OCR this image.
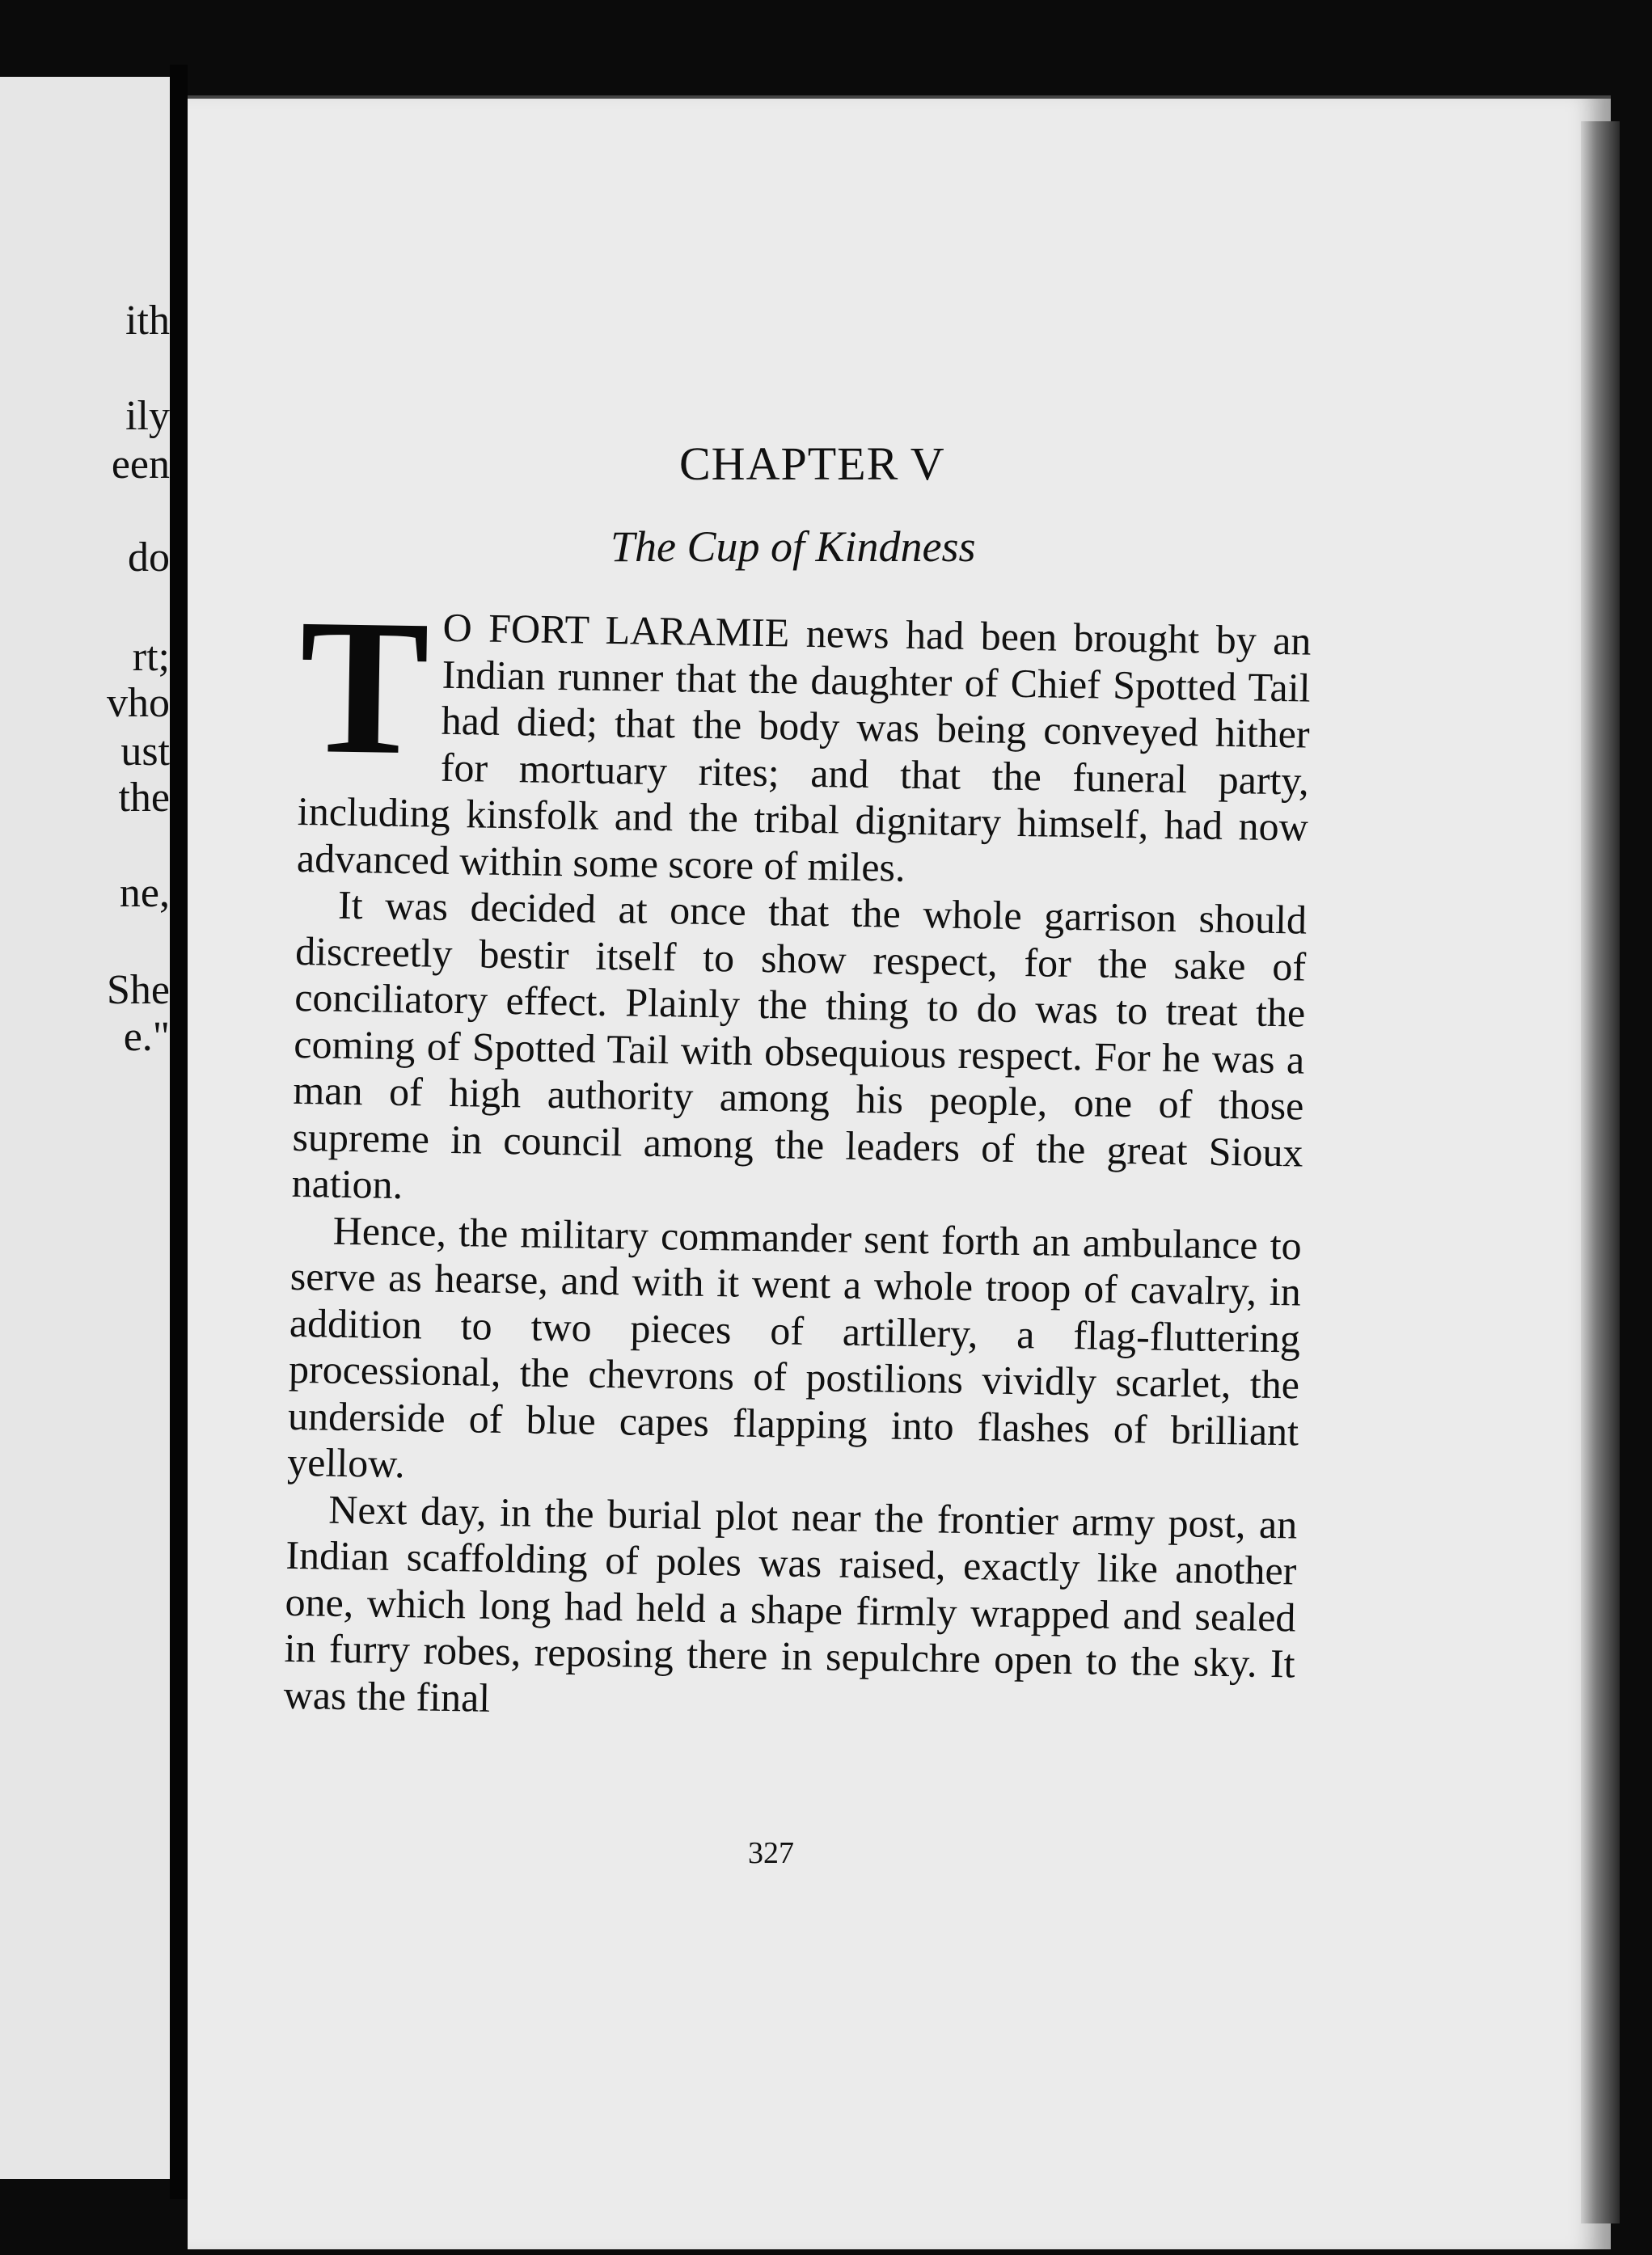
ith
ily
een
do
rt;
vho
ust
the
ne,
She
e."
CHAPTER V
The Cup of Kindness

T O FORT LARAMIE news had been brought by an Indian runner that the daughter of Chief Spotted Tail had died; that the body was being conveyed hither for mortuary rites; and that the funeral party, including kinsfolk and the tribal dignitary himself, had now advanced within some score of miles.

It was decided at once that the whole garrison should discreetly bestir itself to show respect, for the sake of conciliatory effect. Plainly the thing to do was to treat the coming of Spotted Tail with obsequious respect. For he was a man of high authority among his people, one of those supreme in council among the leaders of the great Sioux nation.

Hence, the military commander sent forth an ambulance to serve as hearse, and with it went a whole troop of cavalry, in addition to two pieces of artillery, a flag-fluttering processional, the chevrons of postilions vividly scarlet, the underside of blue capes flapping into flashes of brilliant yellow.

Next day, in the burial plot near the frontier army post, an Indian scaffolding of poles was raised, exactly like another one, which long had held a shape firmly wrapped and sealed in furry robes, reposing there in sepulchre open to the sky. It was the final

327
